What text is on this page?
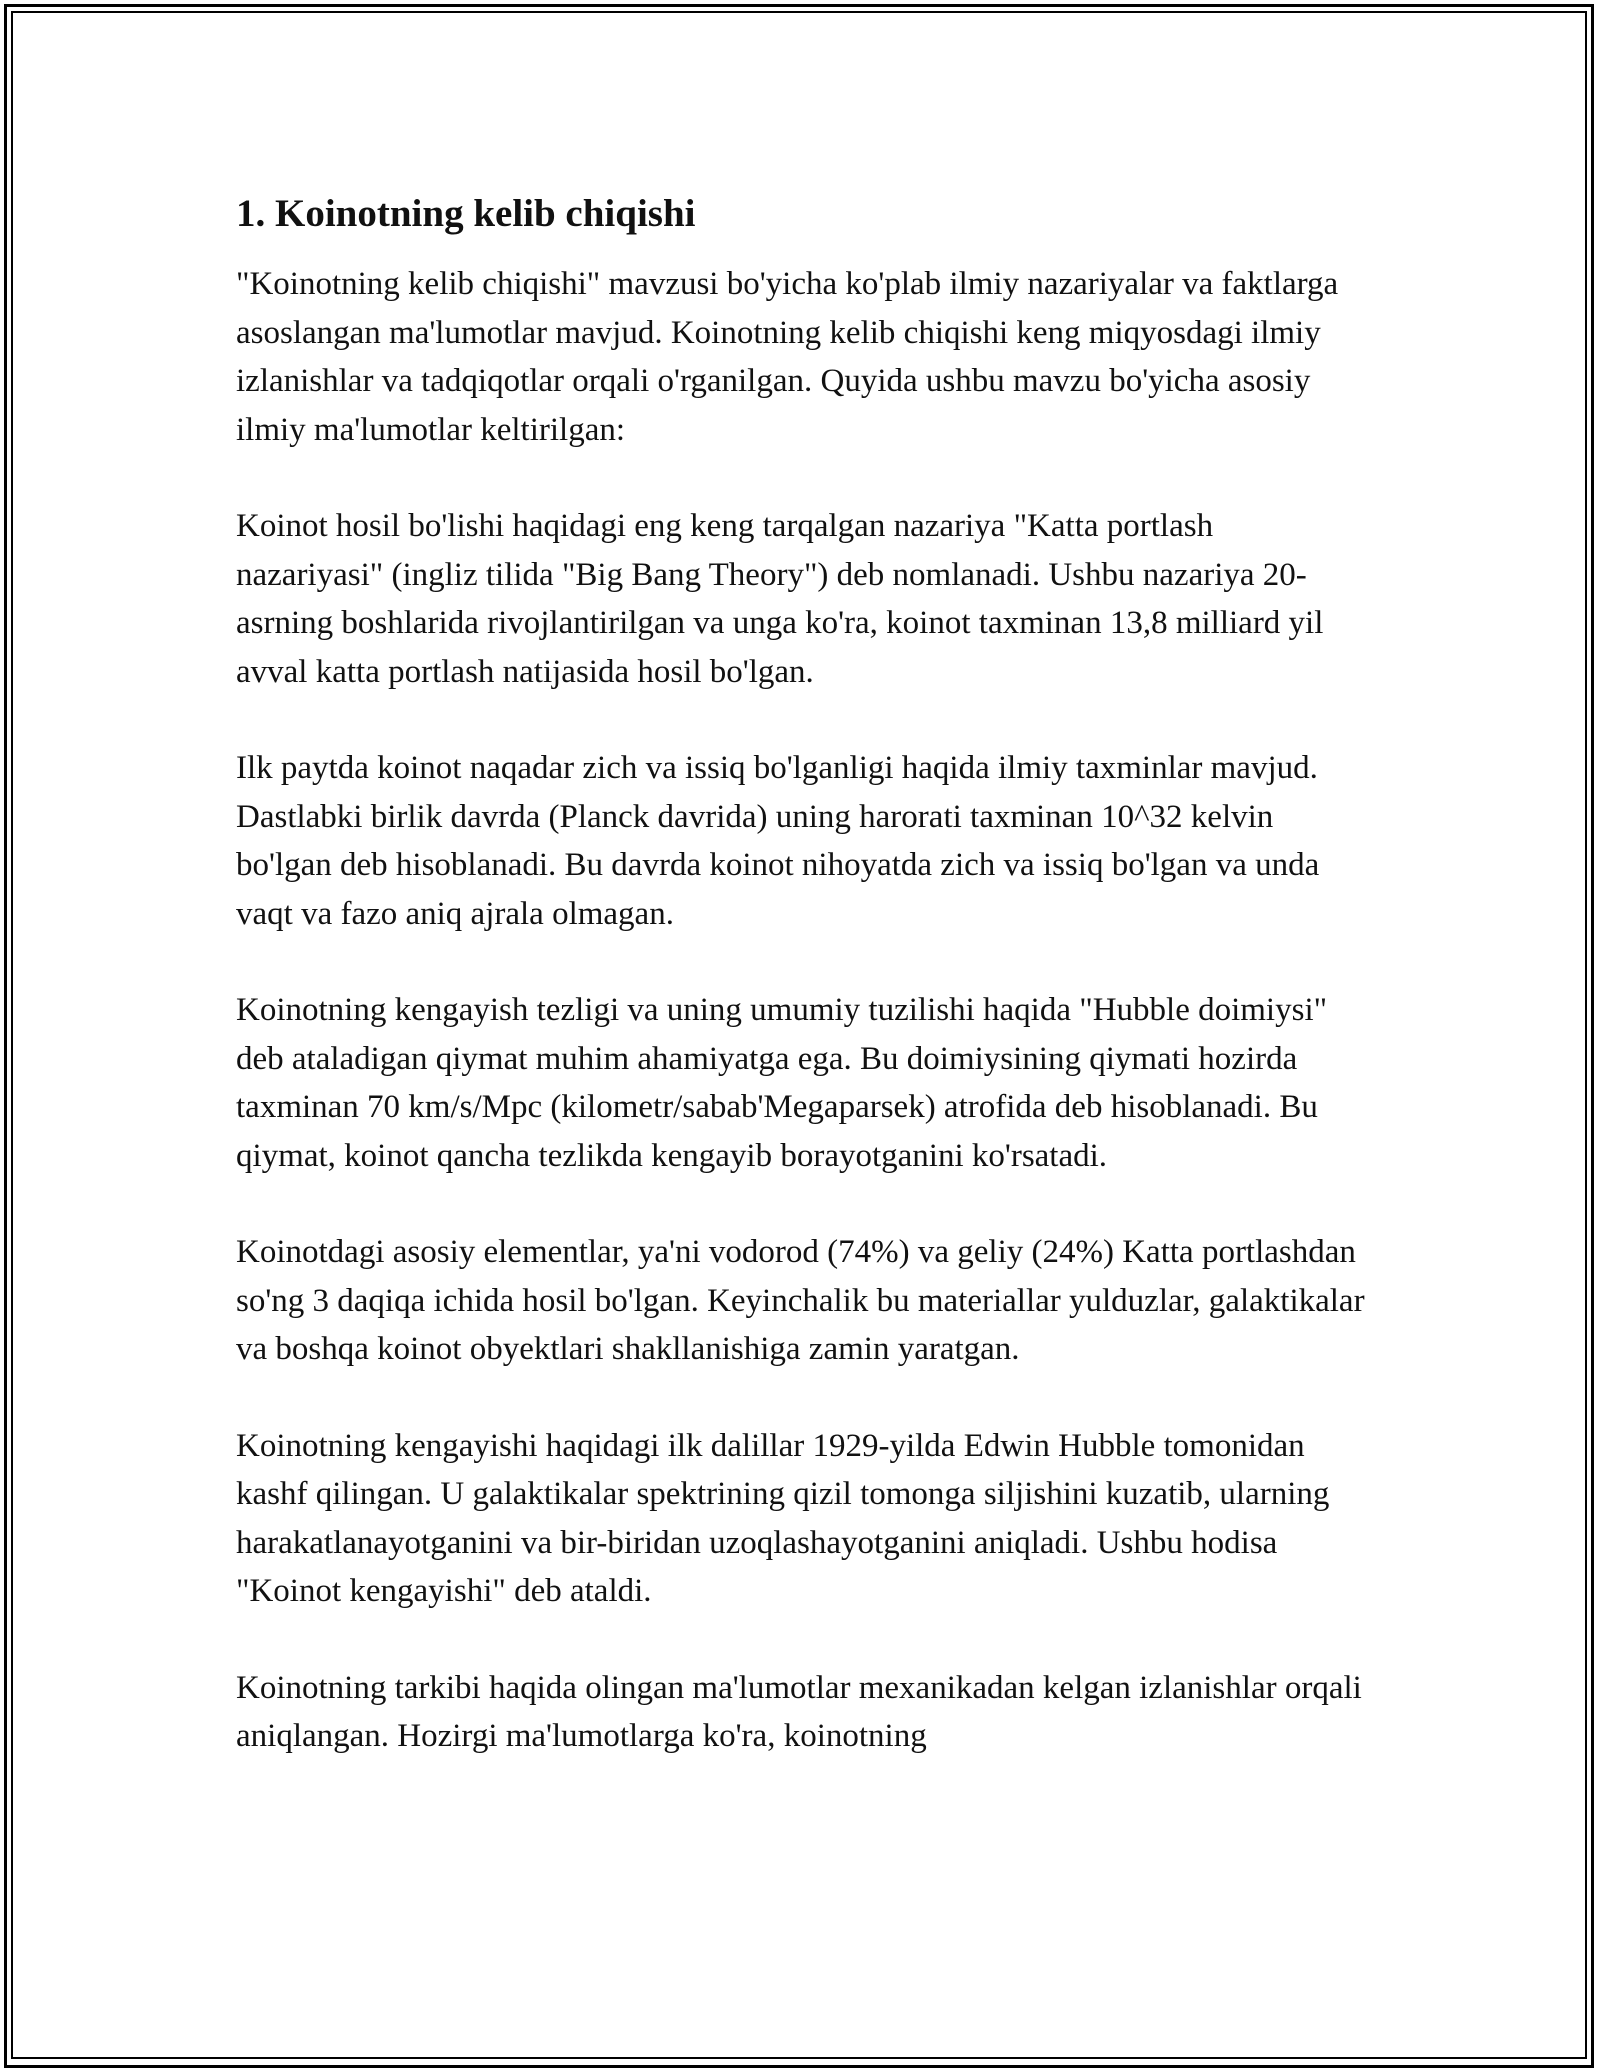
1. Koinotning kelib chiqishi

"Koinotning kelib chiqishi" mavzusi bo'yicha ko'plab ilmiy nazariyalar va faktlarga asoslangan ma'lumotlar mavjud. Koinotning kelib chiqishi keng miqyosdagi ilmiy izlanishlar va tadqiqotlar orqali o'rganilgan. Quyida ushbu mavzu bo'yicha asosiy ilmiy ma'lumotlar keltirilgan:

Koinot hosil bo'lishi haqidagi eng keng tarqalgan nazariya "Katta portlash nazariyasi" (ingliz tilida "Big Bang Theory") deb nomlanadi. Ushbu nazariya 20-asrning boshlarida rivojlantirilgan va unga ko'ra, koinot taxminan 13,8 milliard yil avval katta portlash natijasida hosil bo'lgan.

Ilk paytda koinot naqadar zich va issiq bo'lganligi haqida ilmiy taxminlar mavjud. Dastlabki birlik davrda (Planck davrida) uning harorati taxminan 10^32 kelvin bo'lgan deb hisoblanadi. Bu davrda koinot nihoyatda zich va issiq bo'lgan va unda vaqt va fazo aniq ajrala olmagan.

Koinotning kengayish tezligi va uning umumiy tuzilishi haqida "Hubble doimiysi" deb ataladigan qiymat muhim ahamiyatga ega. Bu doimiysining qiymati hozirda taxminan 70 km/s/Mpc (kilometr/sabab'Megaparsek) atrofida deb hisoblanadi. Bu qiymat, koinot qancha tezlikda kengayib borayotganini ko'rsatadi.

Koinotdagi asosiy elementlar, ya'ni vodorod (74%) va geliy (24%) Katta portlashdan so'ng 3 daqiqa ichida hosil bo'lgan. Keyinchalik bu materiallar yulduzlar, galaktikalar va boshqa koinot obyektlari shakllanishiga zamin yaratgan.

Koinotning kengayishi haqidagi ilk dalillar 1929-yilda Edwin Hubble tomonidan kashf qilingan. U galaktikalar spektrining qizil tomonga siljishini kuzatib, ularning harakatlanayotganini va bir-biridan uzoqlashayotganini aniqladi. Ushbu hodisa "Koinot kengayishi" deb ataldi.

Koinotning tarkibi haqida olingan ma'lumotlar mexanikadan kelgan izlanishlar orqali aniqlangan. Hozirgi ma'lumotlarga ko'ra, koinotning
